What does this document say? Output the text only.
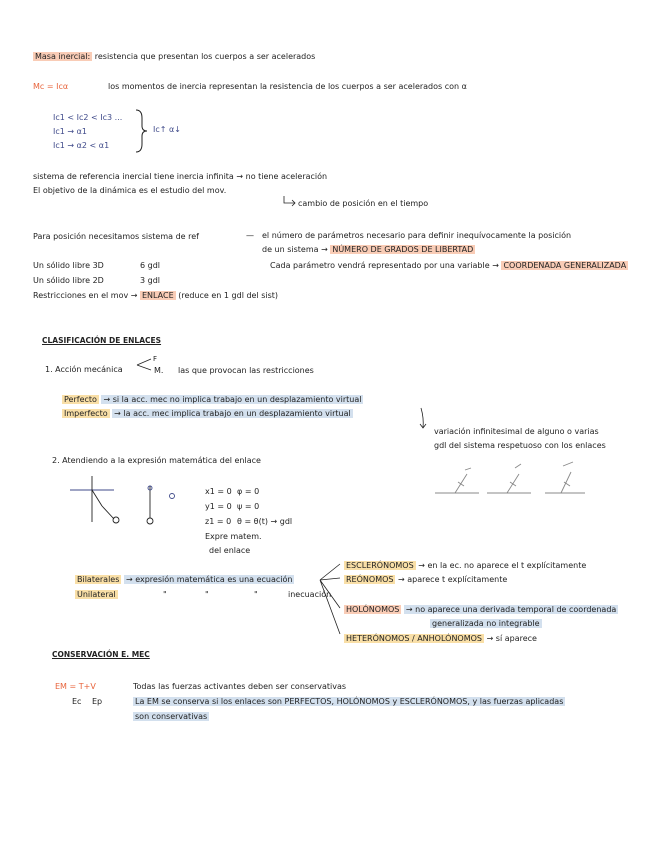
Masa inercial: resistencia que presentan los cuerpos a ser acelerados
Mc = Icα	los momentos de inercia representan la resistencia de los cuerpos a ser acelerados con α
Ic1 < Ic2 < Ic3 ...
Ic1 → α1
Ic1 → α2 < α1
Ic↑ α↓
sistema de referencia inercial tiene inercia infinita → no tiene aceleración
El objetivo de la dinámica es el estudio del mov.
cambio de posición en el tiempo
Para posición necesitamos sistema de ref	— el número de parámetros necesario para definir inequívocamente la posición
de un sistema → NÚMERO DE GRADOS DE LIBERTAD
Un sólido libre 3D	6 gdl	Cada parámetro vendrá representado por una variable → COORDENADA GENERALIZADA
Un sólido libre 2D	3 gdl
Restricciones en el mov → ENLACE (reduce en 1 gdl del sist)
CLASIFICACIÓN DE ENLACES
1. Acción mecánica
F
M. las que provocan las restricciones
Perfecto → si la acc. mec no implica trabajo en un desplazamiento virtual
Imperfecto → la acc. mec implica trabajo en un desplazamiento virtual
variación infinitesimal de alguno o varias
gdl del sistema respetuoso con los enlaces
2. Atendiendo a la expresión matemática del enlace
x1 = 0 φ = 0
y1 = 0 ψ = 0
z1 = 0 θ = θ(t) → gdl
Expre matem.
del enlace
Bilaterales → expresión matemática es una ecuación
Unilateral	"	"	"	inecuación
ESCLERÓNOMOS → en la ec. no aparece el t explícitamente
REÓNOMOS → aparece t explícitamente
HOLÓNOMOS → no aparece una derivada temporal de coordenada
generalizada no integrable
HETERÓNOMOS / ANHOLÓNOMOS → sí aparece
CONSERVACIÓN E. MEC
EM = T+V
Ec Ep
Todas las fuerzas activantes deben ser conservativas
La EM se conserva si los enlaces son PERFECTOS, HOLÓNOMOS y ESCLERÓNOMOS, y las fuerzas aplicadas
son conservativas
